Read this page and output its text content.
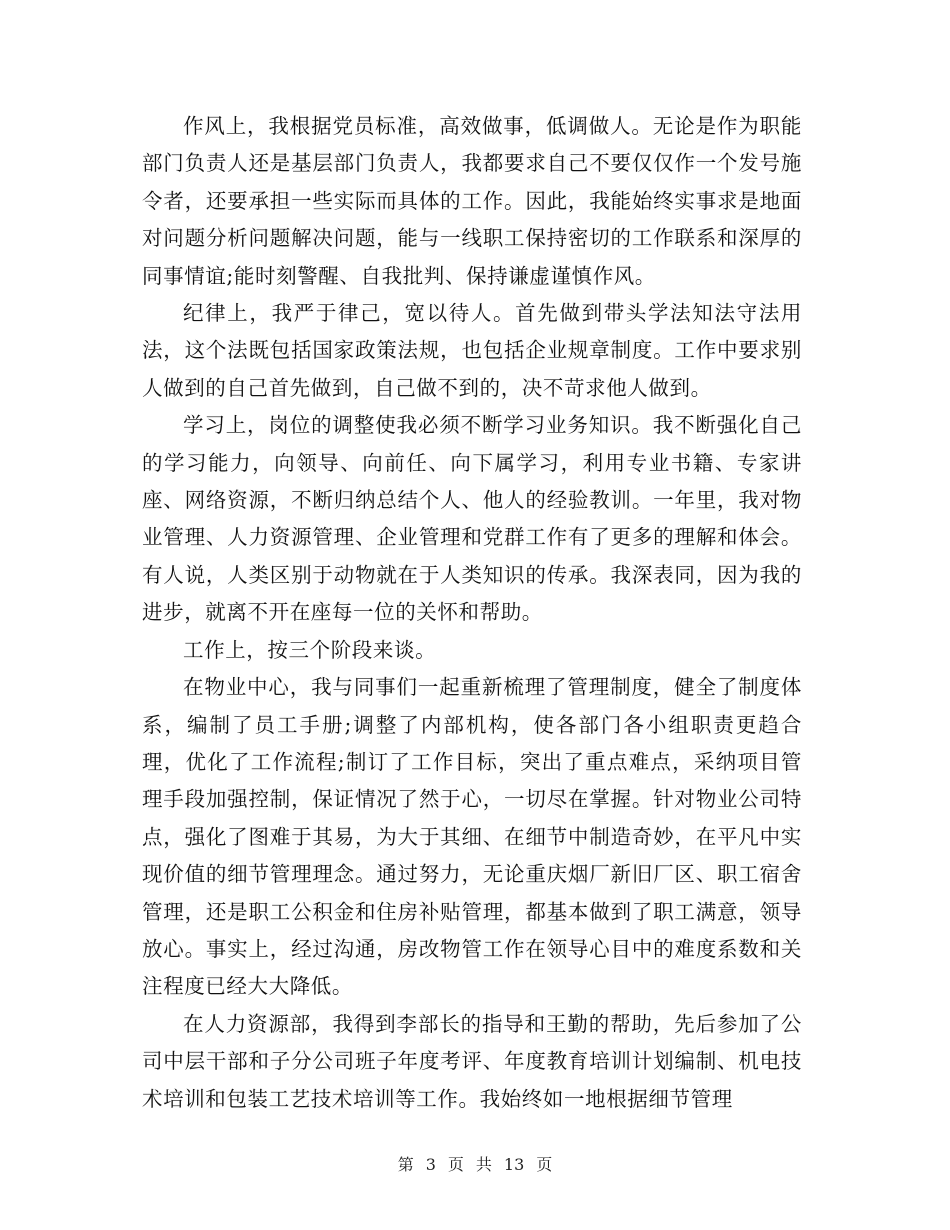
作风上，我根据党员标准，高效做事，低调做人。无论是作为职能部门负责人还是基层部门负责人，我都要求自己不要仅仅作一个发号施令者，还要承担一些实际而具体的工作。因此，我能始终实事求是地面对问题分析问题解决问题，能与一线职工保持密切的工作联系和深厚的同事情谊;能时刻警醒、自我批判、保持谦虚谨慎作风。

纪律上，我严于律己，宽以待人。首先做到带头学法知法守法用法，这个法既包括国家政策法规，也包括企业规章制度。工作中要求别人做到的自己首先做到，自己做不到的，决不苛求他人做到。

学习上，岗位的调整使我必须不断学习业务知识。我不断强化自己的学习能力，向领导、向前任、向下属学习，利用专业书籍、专家讲座、网络资源，不断归纳总结个人、他人的经验教训。一年里，我对物业管理、人力资源管理、企业管理和党群工作有了更多的理解和体会。有人说，人类区别于动物就在于人类知识的传承。我深表同，因为我的进步，就离不开在座每一位的关怀和帮助。

工作上，按三个阶段来谈。

在物业中心，我与同事们一起重新梳理了管理制度，健全了制度体系，编制了员工手册;调整了内部机构，使各部门各小组职责更趋合理，优化了工作流程;制订了工作目标，突出了重点难点，采纳项目管理手段加强控制，保证情况了然于心，一切尽在掌握。针对物业公司特点，强化了图难于其易，为大于其细、在细节中制造奇妙，在平凡中实现价值的细节管理理念。通过努力，无论重庆烟厂新旧厂区、职工宿舍管理，还是职工公积金和住房补贴管理，都基本做到了职工满意，领导放心。事实上，经过沟通，房改物管工作在领导心目中的难度系数和关注程度已经大大降低。

在人力资源部，我得到李部长的指导和王勤的帮助，先后参加了公司中层干部和子分公司班子年度考评、年度教育培训计划编制、机电技术培训和包装工艺技术培训等工作。我始终如一地根据细节管理

第 3 页 共 13 页
